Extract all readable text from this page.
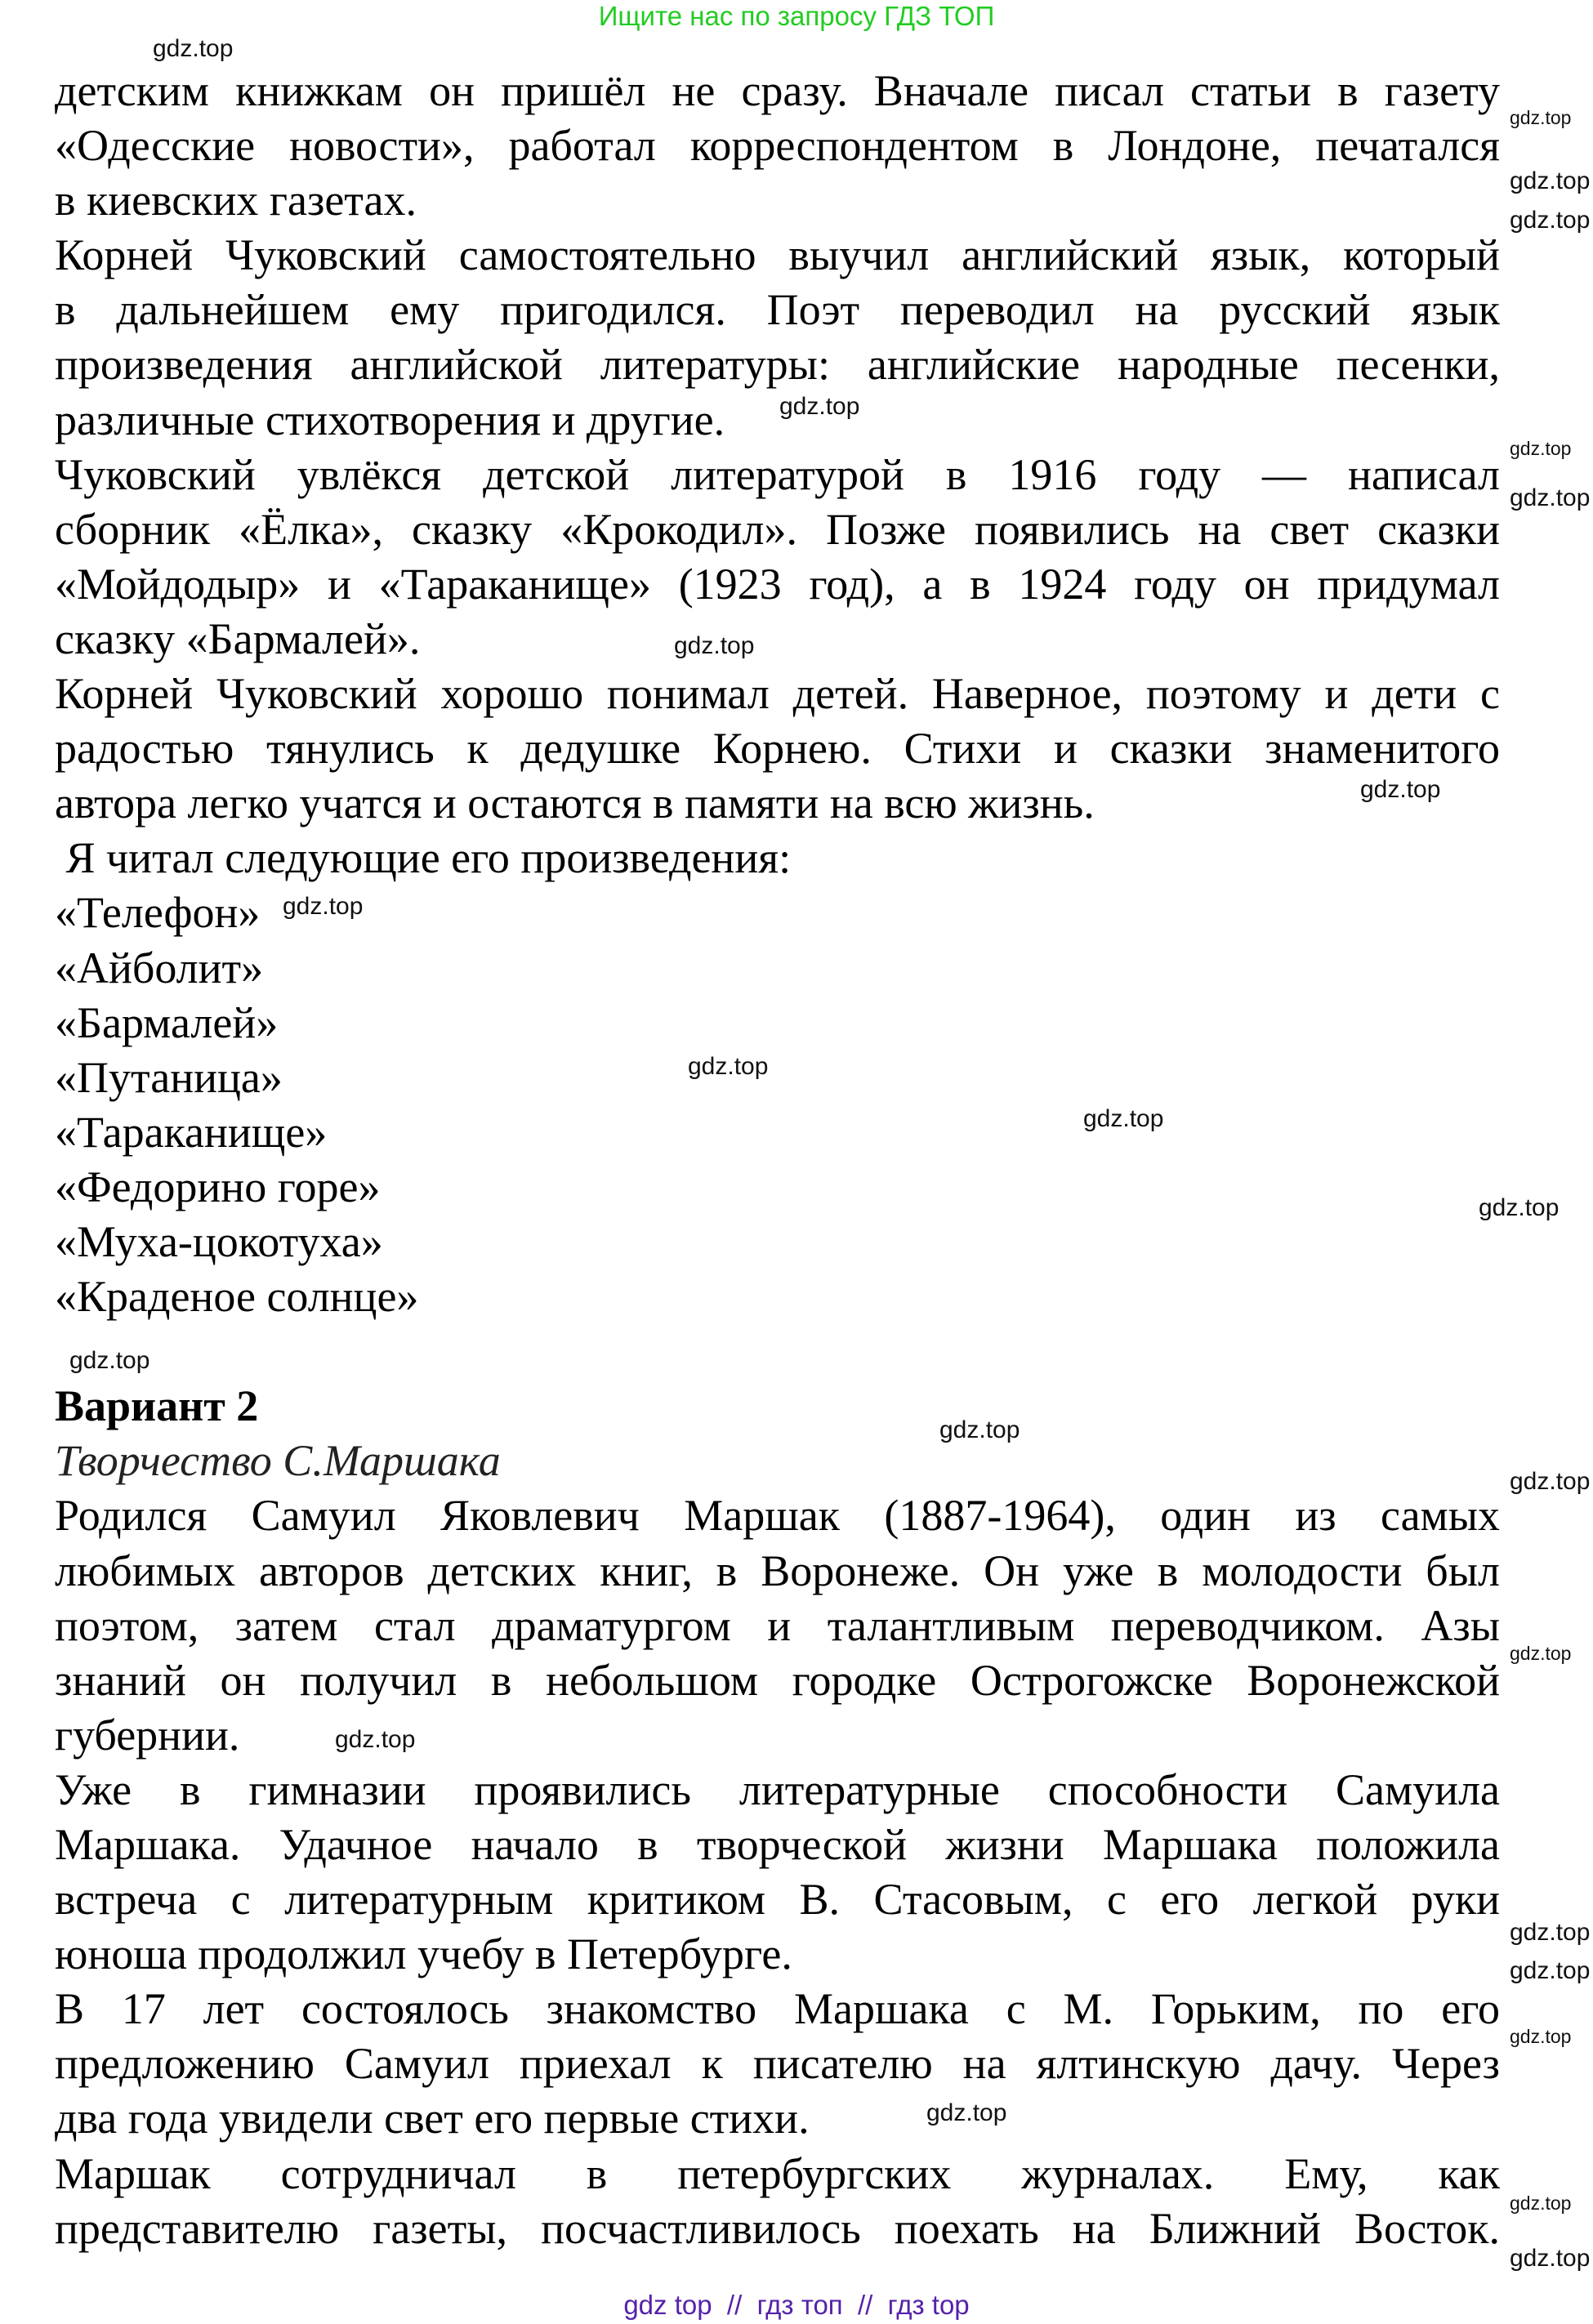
Ищите нас по запросу ГДЗ ТОП
детским книжкам он пришёл не сразу. Вначале писал статьи в газету
«Одесские новости», работал корреспондентом в Лондоне, печатался
в киевских газетах.
Корней Чуковский самостоятельно выучил английский язык, который
в дальнейшем ему пригодился. Поэт переводил на русский язык
произведения английской литературы: английские народные песенки,
различные стихотворения и другие.
Чуковский увлёкся детской литературой в 1916 году — написал
сборник «Ёлка», сказку «Крокодил». Позже появились на свет сказки
«Мойдодыр» и «Тараканище» (1923 год), а в 1924 году он придумал
сказку «Бармалей».
Корней Чуковский хорошо понимал детей. Наверное, поэтому и дети с
радостью тянулись к дедушке Корнею. Стихи и сказки знаменитого
автора легко учатся и остаются в памяти на всю жизнь.
Я читал следующие его произведения:
«Телефон»
«Айболит»
«Бармалей»
«Путаница»
«Тараканище»
«Федорино горе»
«Муха-цокотуха»
«Краденое солнце»
Вариант 2
Творчество С.Маршака
Родился Самуил Яковлевич Маршак (1887-1964), один из самых
любимых авторов детских книг, в Воронеже. Он уже в молодости был
поэтом, затем стал драматургом и талантливым переводчиком. Азы
знаний он получил в небольшом городке Острогожске Воронежской
губернии.
Уже в гимназии проявились литературные способности Самуила
Маршака. Удачное начало в творческой жизни Маршака положила
встреча с литературным критиком В. Стасовым, с его легкой руки
юноша продолжил учебу в Петербурге.
В 17 лет состоялось знакомство Маршака с М. Горьким, по его
предложению Самуил приехал к писателю на ялтинскую дачу. Через
два года увидели свет его первые стихи.
Маршак сотрудничал в петербургских журналах. Ему, как
представителю газеты, посчастливилось поехать на Ближний Восток.
gdz.top
gdz.top
gdz.top
gdz.top
gdz.top
gdz.top
gdz.top
gdz.top
gdz.top
gdz.top
gdz.top
gdz.top
gdz.top
gdz.top
gdz.top
gdz.top
gdz.top
gdz.top
gdz.top
gdz.top
gdz.top
gdz.top
gdz.top
gdz.top
gdz top  //  гдз топ  //  гдз top
